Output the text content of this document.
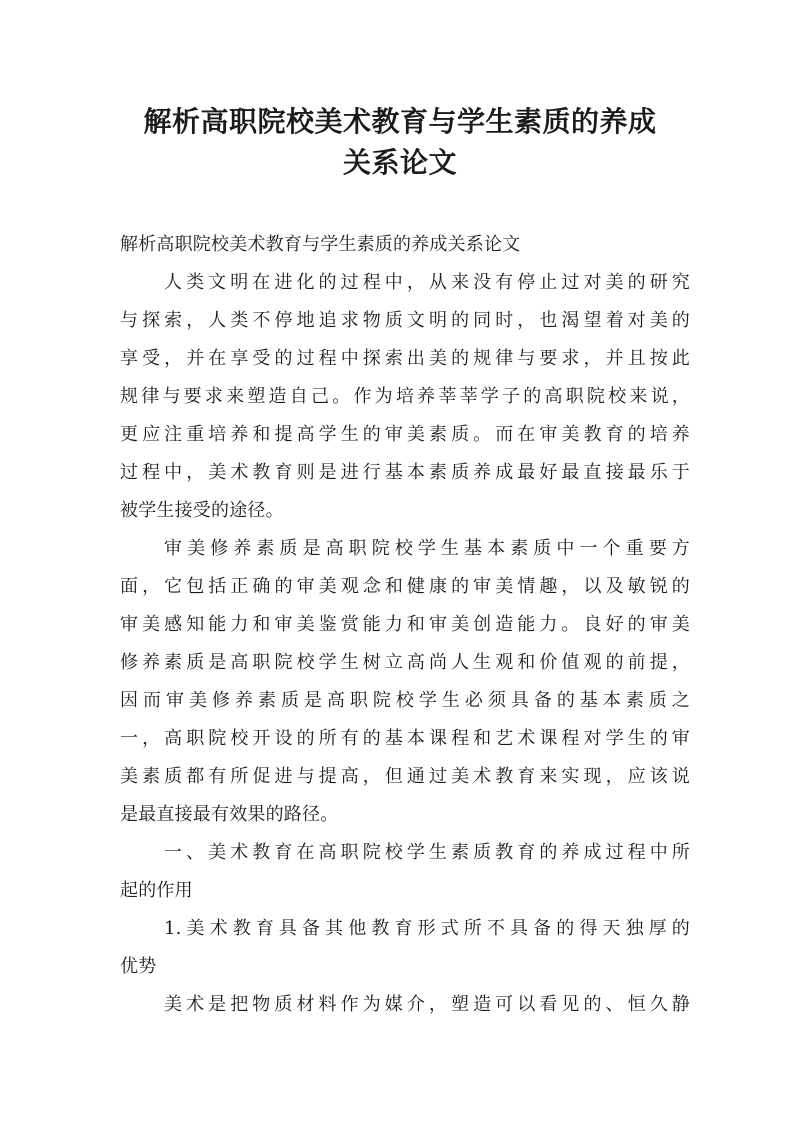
解析高职院校美术教育与学生素质的养成
关系论文
解析高职院校美术教育与学生素质的养成关系论文
人类文明在进化的过程中，从来没有停止过对美的研究
与探索，人类不停地追求物质文明的同时，也渴望着对美的
享受，并在享受的过程中探索出美的规律与要求，并且按此
规律与要求来塑造自己。作为培养莘莘学子的高职院校来说，
更应注重培养和提高学生的审美素质。而在审美教育的培养
过程中，美术教育则是进行基本素质养成最好最直接最乐于
被学生接受的途径。
审美修养素质是高职院校学生基本素质中一个重要方
面，它包括正确的审美观念和健康的审美情趣，以及敏锐的
审美感知能力和审美鉴赏能力和审美创造能力。良好的审美
修养素质是高职院校学生树立高尚人生观和价值观的前提，
因而审美修养素质是高职院校学生必须具备的基本素质之
一，高职院校开设的所有的基本课程和艺术课程对学生的审
美素质都有所促进与提高，但通过美术教育来实现，应该说
是最直接最有效果的路径。
一、美术教育在高职院校学生素质教育的养成过程中所
起的作用
1.美术教育具备其他教育形式所不具备的得天独厚的
优势
美术是把物质材料作为媒介，塑造可以看见的、恒久静
